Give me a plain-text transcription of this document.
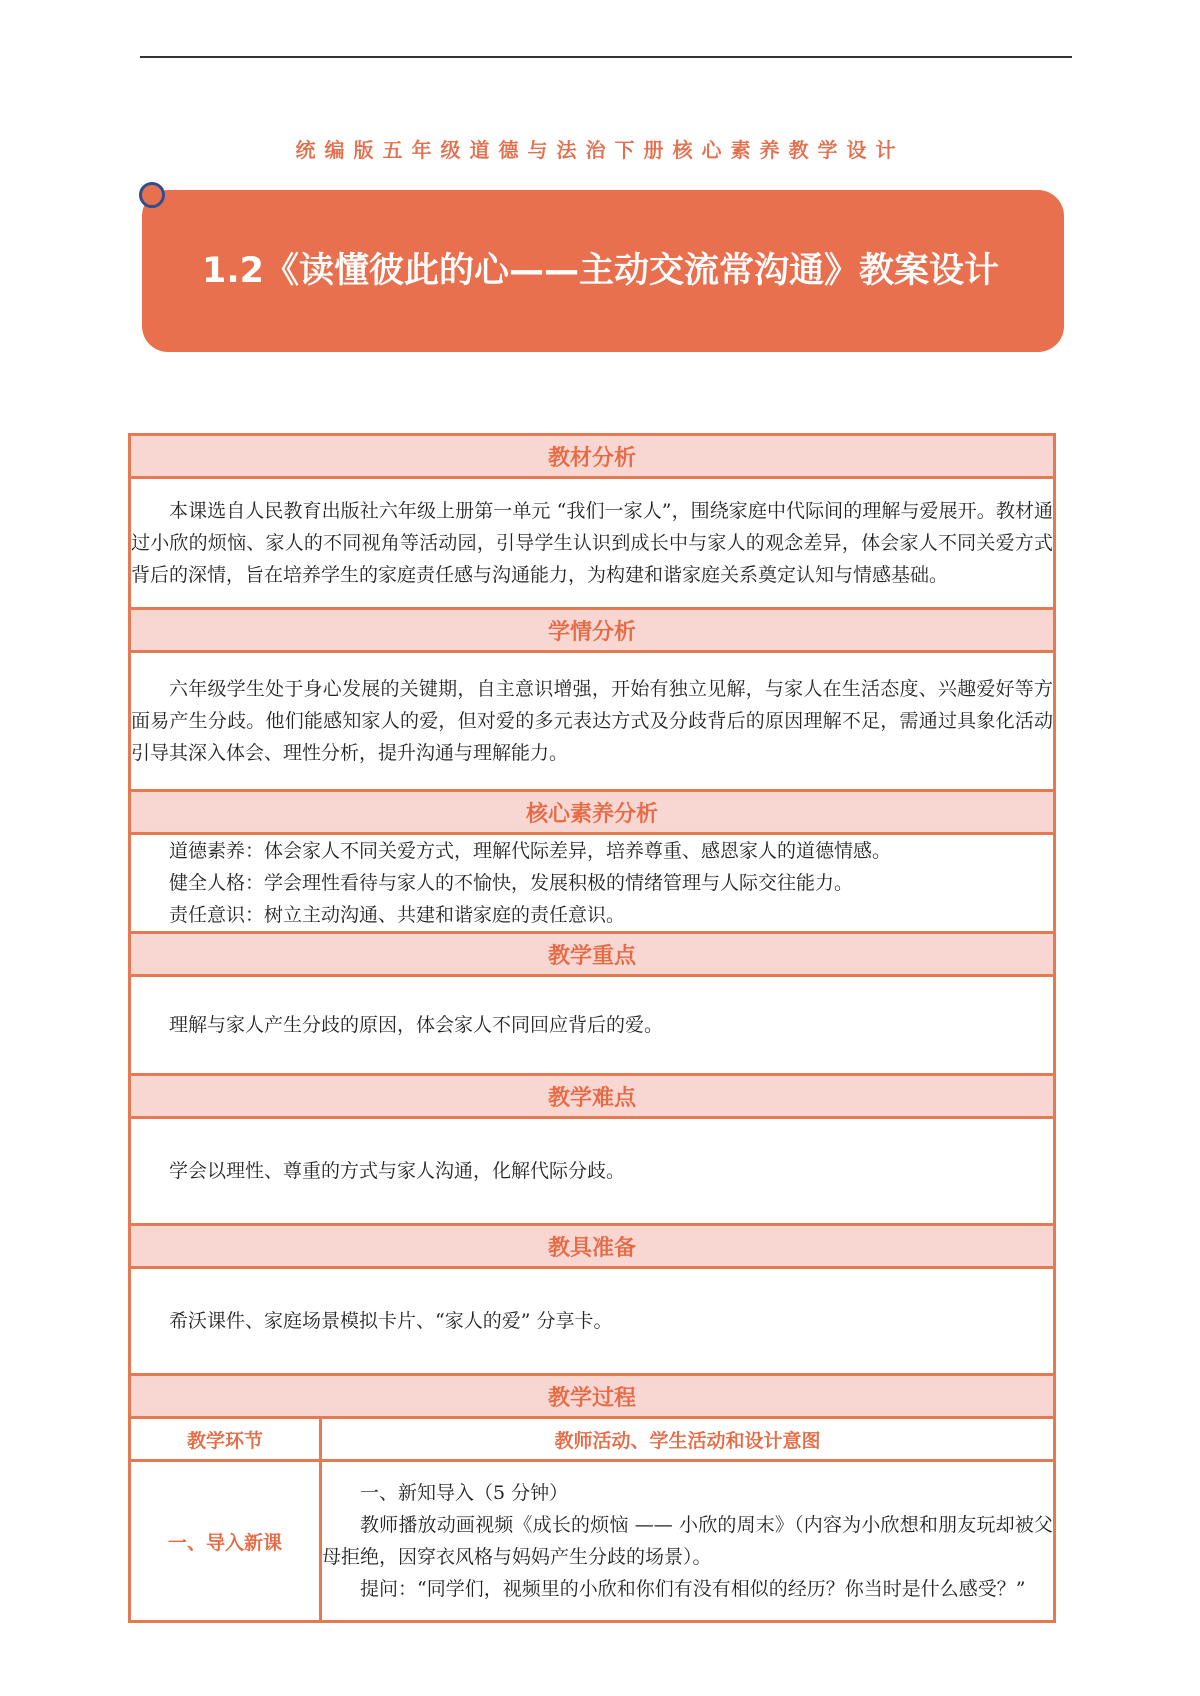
统编版五年级道德与法治下册核心素养教学设计
1.2《读懂彼此的心——主动交流常沟通》教案设计
教材分析	

本课选自人民教育出版社六年级上册第一单元 “我们一家人”，围绕家庭中代际间的理解与爱展开。教材通过小欣的烦恼、家人的不同视角等活动园，引导学生认识到成长中与家人的观念差异，体会家人不同关爱方式背后的深情，旨在培养学生的家庭责任感与沟通能力，为构建和谐家庭关系奠定认知与情感基础。	

学情分析	

六年级学生处于身心发展的关键期，自主意识增强，开始有独立见解，与家人在生活态度、兴趣爱好等方面易产生分歧。他们能感知家人的爱，但对爱的多元表达方式及分歧背后的原因理解不足，需通过具象化活动引导其深入体会、理性分析，提升沟通与理解能力。	

核心素养分析	

道德素养：体会家人不同关爱方式，理解代际差异，培养尊重、感恩家人的道德情感。

健全人格：学会理性看待与家人的不愉快，发展积极的情绪管理与人际交往能力。

责任意识：树立主动沟通、共建和谐家庭的责任意识。	

教学重点	

理解与家人产生分歧的原因，体会家人不同回应背后的爱。	

教学难点	

学会以理性、尊重的方式与家人沟通，化解代际分歧。	

教具准备	

希沃课件、家庭场景模拟卡片、“家人的爱” 分享卡。	

教学过程	
教学环节	教师活动、学生活动和设计意图
一、导入新课	一、新知导入（5 分钟）

教师播放动画视频《成长的烦恼 —— 小欣的周末》（内容为小欣想和朋友玩却被父母拒绝，因穿衣风格与妈妈产生分歧的场景）。

提问：“同学们，视频里的小欣和你们有没有相似的经历？你当时是什么感受？”
